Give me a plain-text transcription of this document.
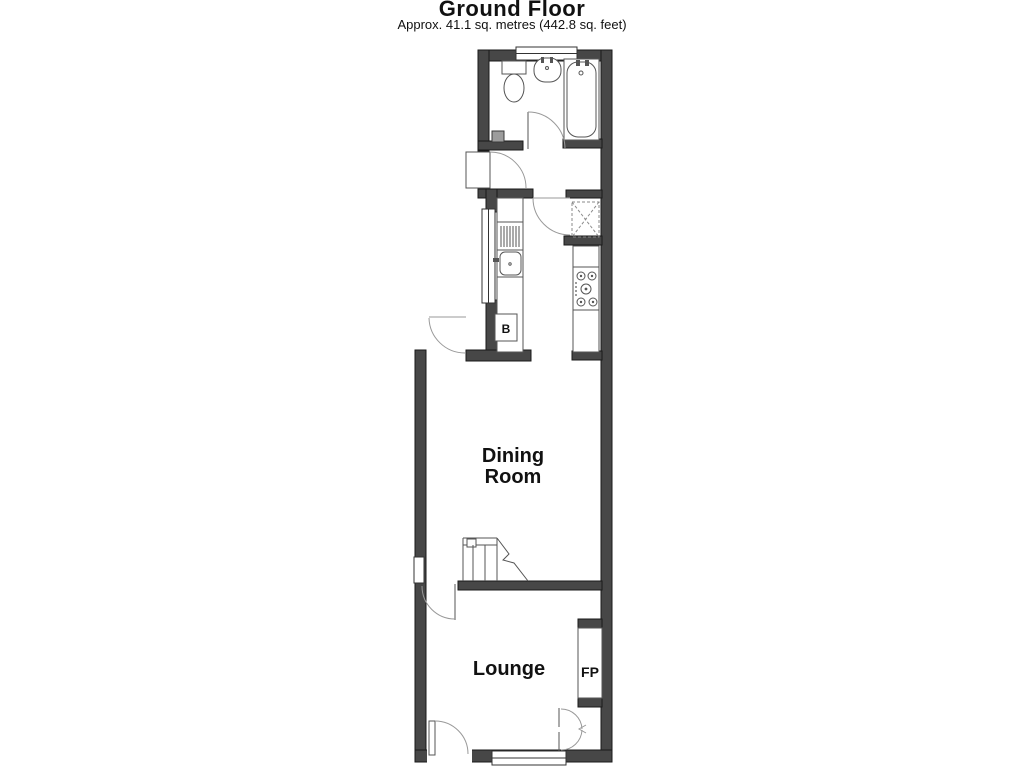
Ground Floor
Approx. 41.1 sq. metres (442.8 sq. feet)
B
FP
Dining
Room
Lounge
